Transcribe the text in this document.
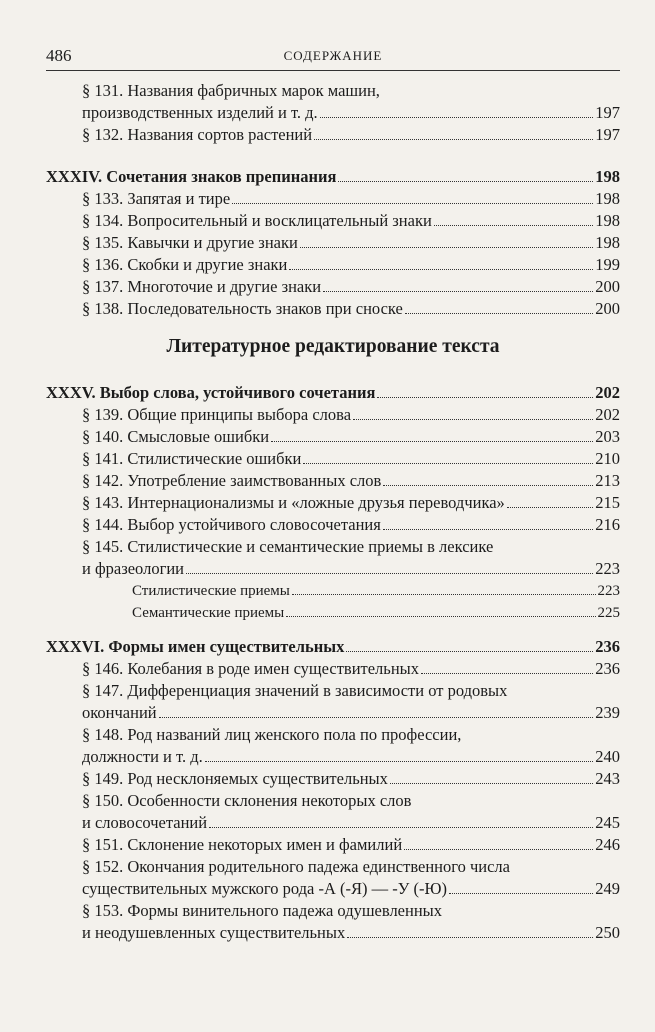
486	СОДЕРЖАНИЕ
§ 131. Названия фабричных марок машин,
производственных изделий и т. д.	197
§ 132. Названия сортов растений	197
XXXIV. Сочетания знаков препинания	198
§ 133. Запятая и тире	198
§ 134. Вопросительный и восклицательный знаки	198
§ 135. Кавычки и другие знаки	198
§ 136. Скобки и другие знаки	199
§ 137. Многоточие и другие знаки	200
§ 138. Последовательность знаков при сноске	200
Литературное редактирование текста
XXXV. Выбор слова, устойчивого сочетания	202
§ 139. Общие принципы выбора слова	202
§ 140. Смысловые ошибки	203
§ 141. Стилистические ошибки	210
§ 142. Употребление заимствованных слов	213
§ 143. Интернационализмы и «ложные друзья переводчика»	215
§ 144. Выбор устойчивого словосочетания	216
§ 145. Стилистические и семантические приемы в лексике
и фразеологии	223
Стилистические приемы	223
Семантические приемы	225
XXXVI. Формы имен существительных	236
§ 146. Колебания в роде имен существительных	236
§ 147. Дифференциация значений в зависимости от родовых
окончаний	239
§ 148. Род названий лиц женского пола по профессии,
должности и т. д.	240
§ 149. Род несклоняемых существительных	243
§ 150. Особенности склонения некоторых слов
и словосочетаний	245
§ 151. Склонение некоторых имен и фамилий	246
§ 152. Окончания родительного падежа единственного числа
существительных мужского рода -А (-Я) — -У (-Ю)	249
§ 153. Формы винительного падежа одушевленных
и неодушевленных существительных	250
